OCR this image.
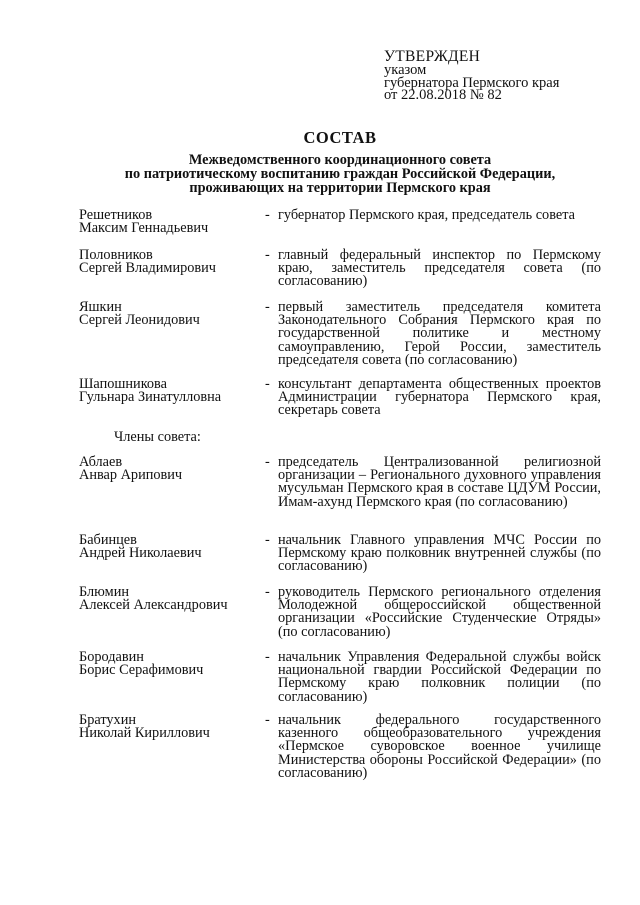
УТВЕРЖДЕН
указом
губернатора Пермского края
от 22.08.2018 № 82
СОСТАВ
Межведомственного координационного совета
по патриотическому воспитанию граждан Российской Федерации,
проживающих на территории Пермского края
Решетников
Максим Геннадьевич
- губернатор Пермского края, председатель совета
Половников
Сергей Владимирович
- главный федеральный инспектор по Пермскому краю, заместитель председателя совета (по согласованию)
Яшкин
Сергей Леонидович
- первый заместитель председателя комитета Законодательного Собрания Пермского края по государственной политике и местному самоуправлению, Герой России, заместитель председателя совета (по согласованию)
Шапошникова
Гульнара Зинатулловна
- консультант департамента общественных проектов Администрации губернатора Пермского края, секретарь совета
Члены совета:
Аблаев
Анвар Арипович
- председатель Централизованной религиозной организации – Регионального духовного управления мусульман Пермского края в составе ЦДУМ России, Имам-ахунд Пермского края (по согласованию)
Бабинцев
Андрей Николаевич
- начальник Главного управления МЧС России по Пермскому краю полковник внутренней службы (по согласованию)
Блюмин
Алексей Александрович
- руководитель Пермского регионального отделения Молодежной общероссийской общественной организации «Российские Студенческие Отряды» (по согласованию)
Бородавин
Борис Серафимович
- начальник Управления Федеральной службы войск национальной гвардии Российской Федерации по Пермскому краю полковник полиции (по согласованию)
Братухин
Николай Кириллович
- начальник федерального государственного казенного общеобразовательного учреждения «Пермское суворовское военное училище Министерства обороны Российской Федерации» (по согласованию)
